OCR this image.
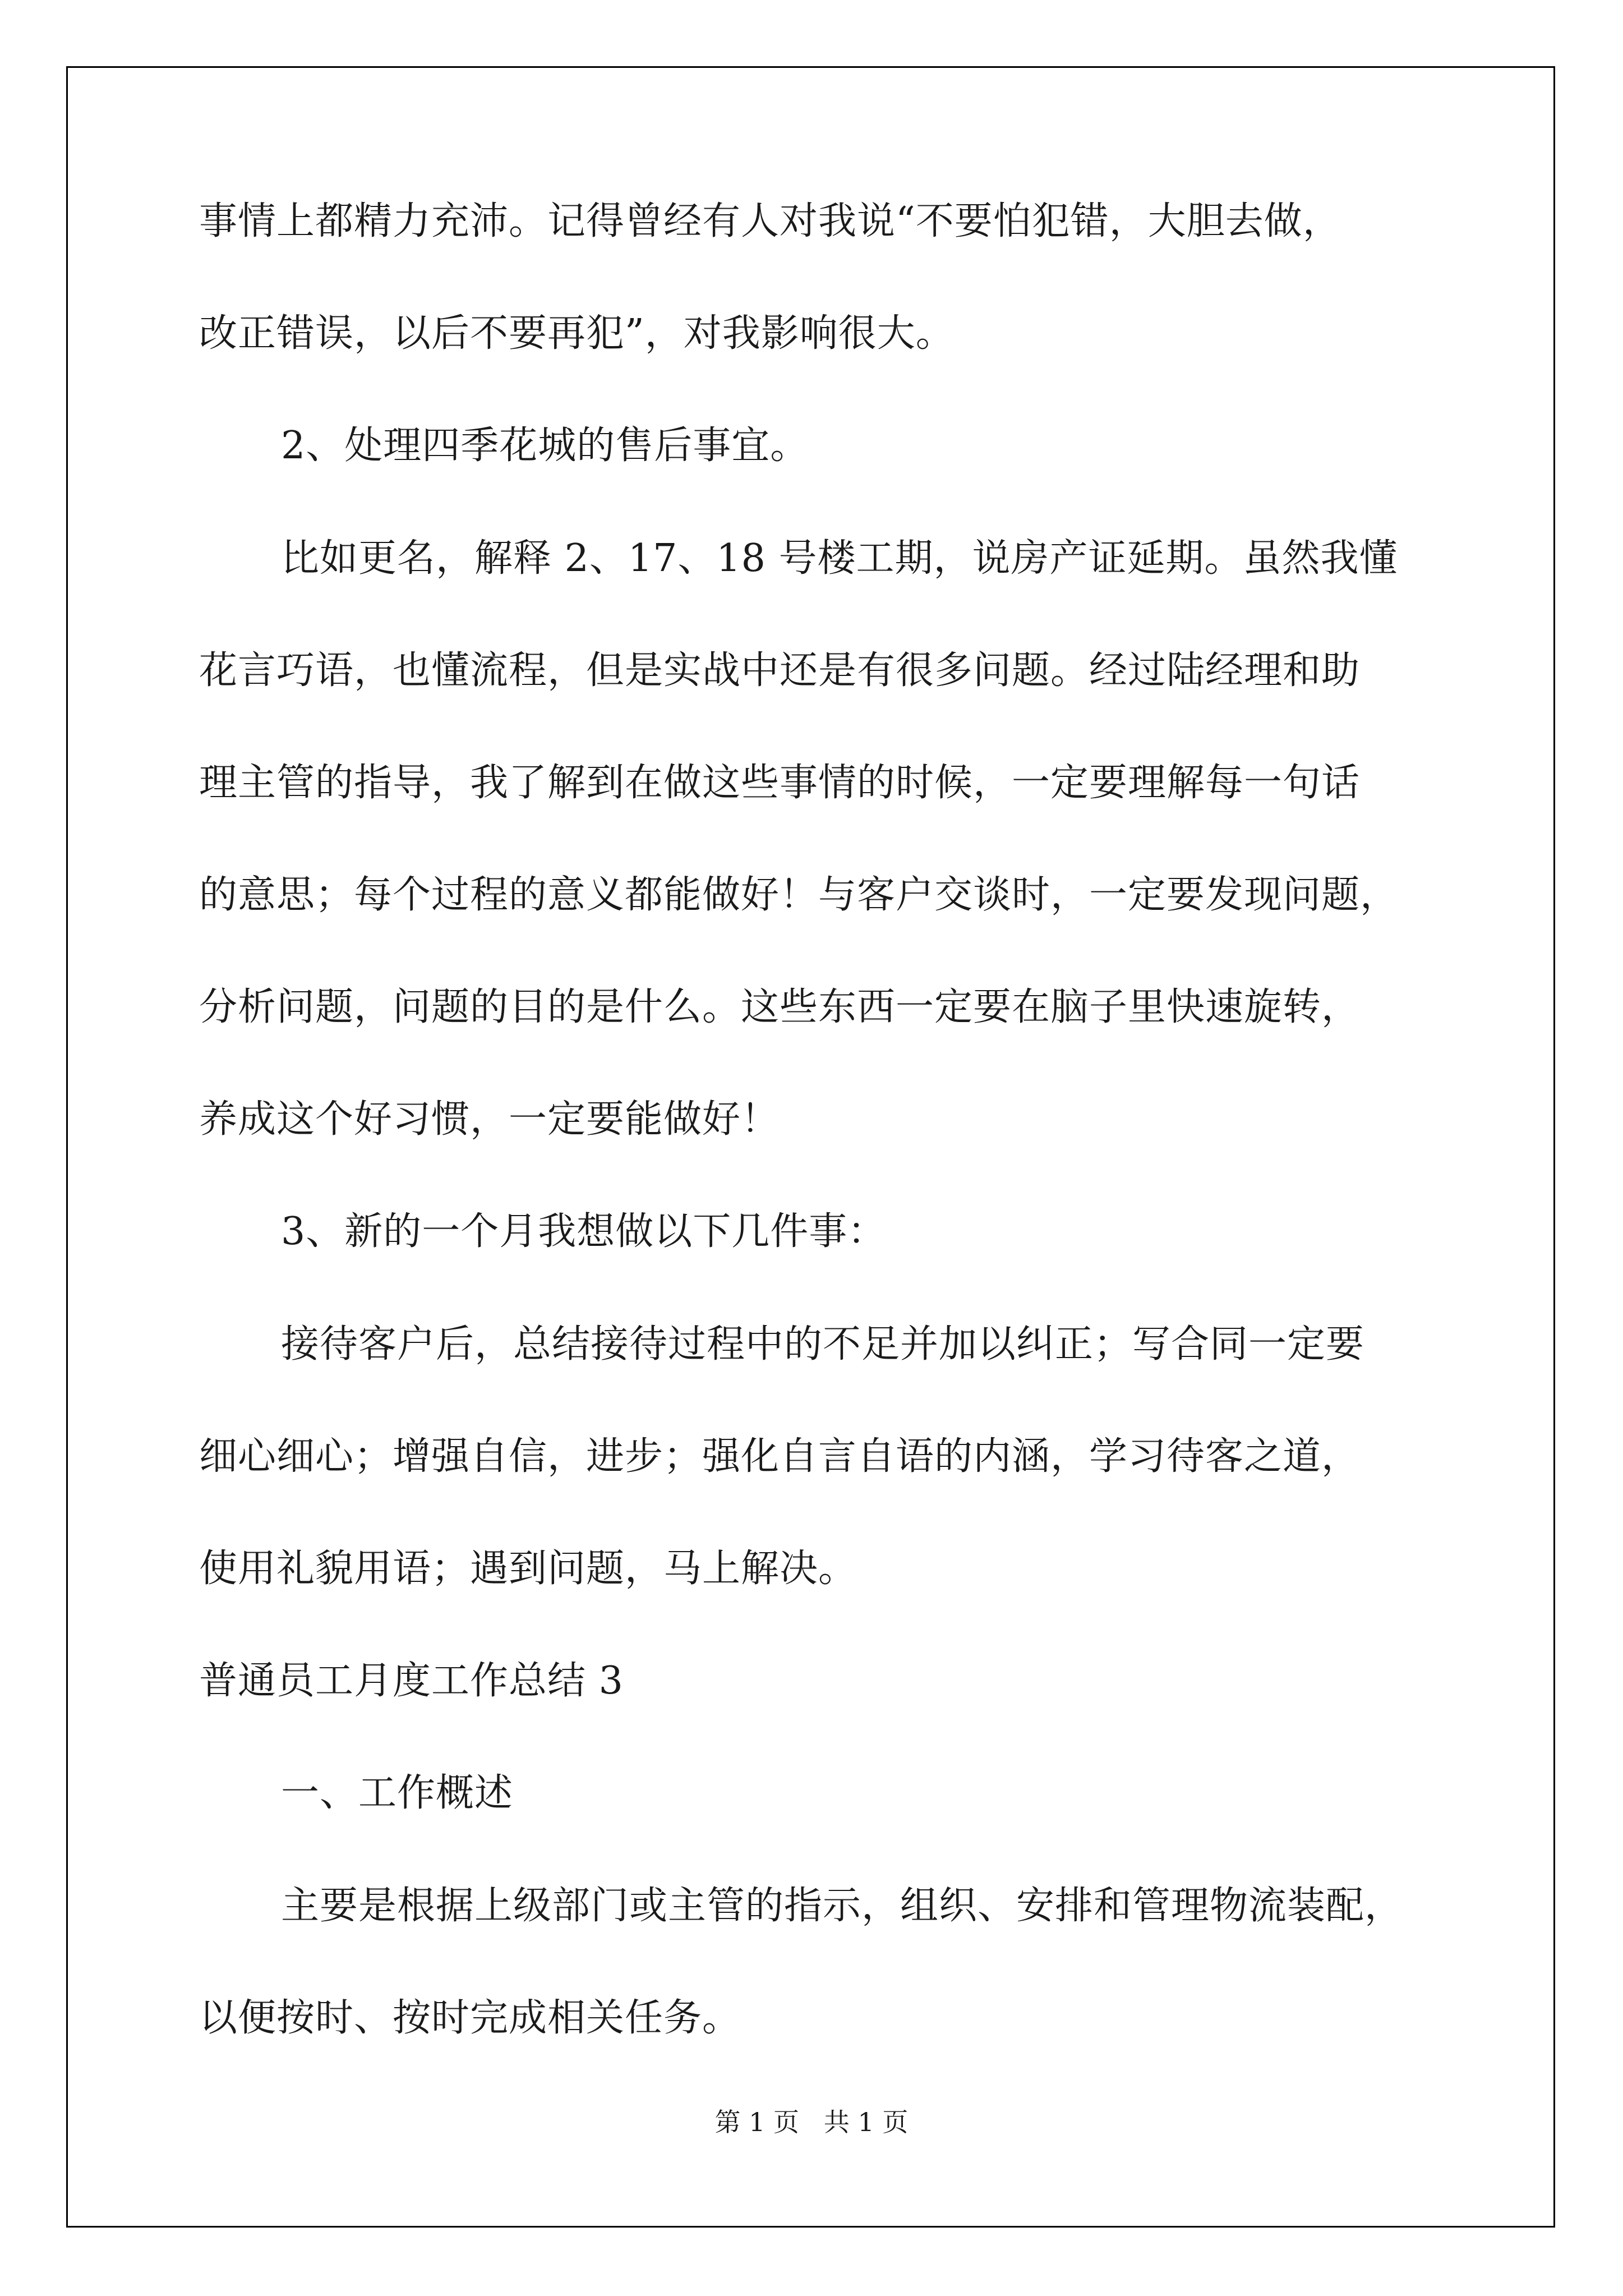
事情上都精力充沛。记得曾经有人对我说“不要怕犯错，大胆去做，
改正错误，以后不要再犯”，对我影响很大。
2、处理四季花城的售后事宜。
比如更名，解释 2、17、18 号楼工期，说房产证延期。虽然我懂
花言巧语，也懂流程，但是实战中还是有很多问题。经过陆经理和助
理主管的指导，我了解到在做这些事情的时候，一定要理解每一句话
的意思；每个过程的意义都能做好！与客户交谈时，一定要发现问题，
分析问题，问题的目的是什么。这些东西一定要在脑子里快速旋转，
养成这个好习惯，一定要能做好！
3、新的一个月我想做以下几件事：
接待客户后，总结接待过程中的不足并加以纠正；写合同一定要
细心细心；增强自信，进步；强化自言自语的内涵，学习待客之道，
使用礼貌用语；遇到问题，马上解决。
普通员工月度工作总结 3
一、工作概述
主要是根据上级部门或主管的指示，组织、安排和管理物流装配，
以便按时、按时完成相关任务。
第 1 页   共 1 页
